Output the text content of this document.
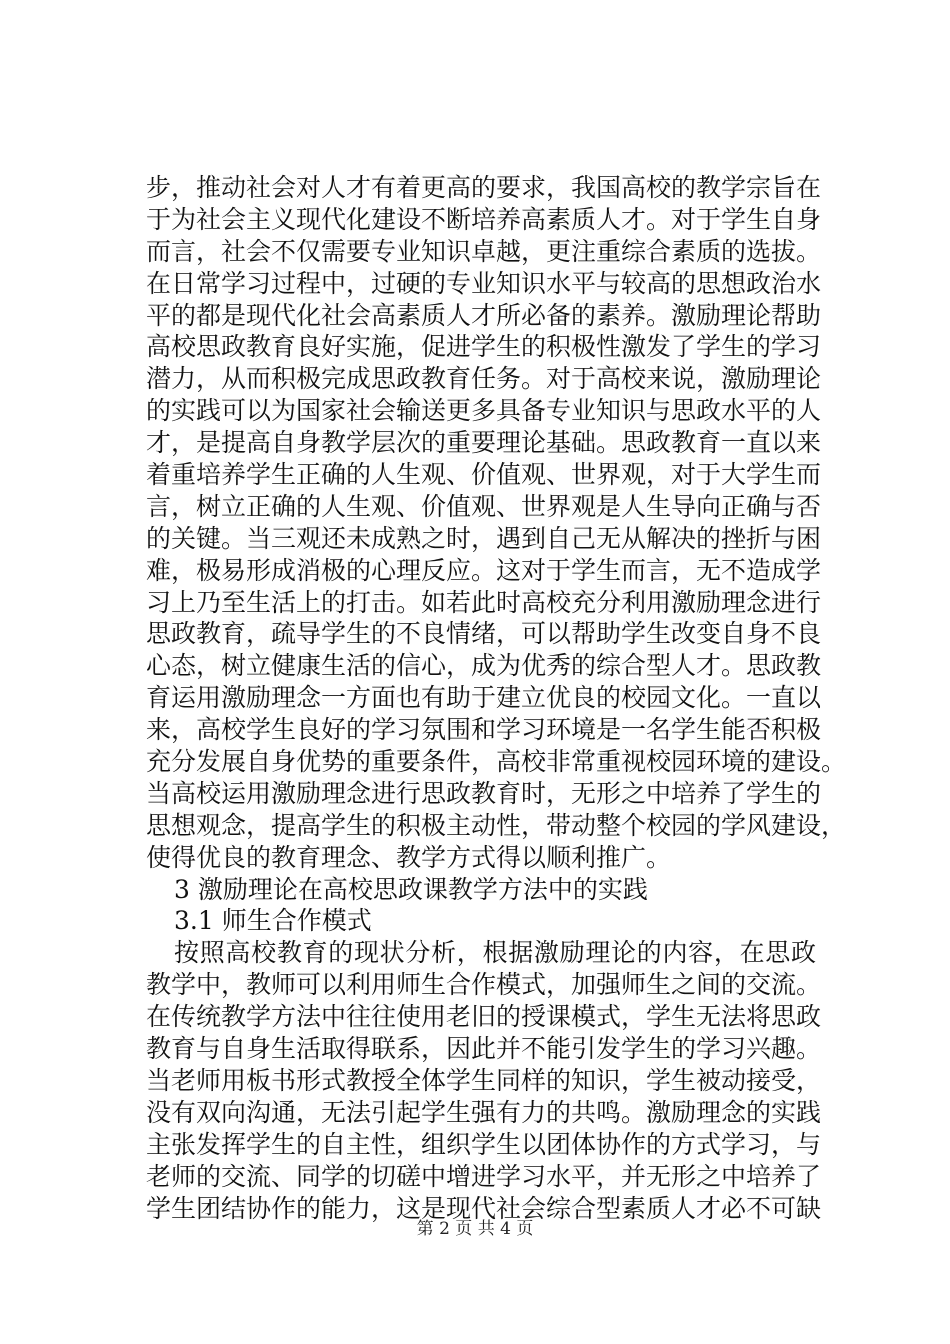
步，推动社会对人才有着更高的要求，我国高校的教学宗旨在
于为社会主义现代化建设不断培养高素质人才。对于学生自身
而言，社会不仅需要专业知识卓越，更注重综合素质的选拔。
在日常学习过程中，过硬的专业知识水平与较高的思想政治水
平的都是现代化社会高素质人才所必备的素养。激励理论帮助
高校思政教育良好实施，促进学生的积极性激发了学生的学习
潜力，从而积极完成思政教育任务。对于高校来说，激励理论
的实践可以为国家社会输送更多具备专业知识与思政水平的人
才，是提高自身教学层次的重要理论基础。思政教育一直以来
着重培养学生正确的人生观、价值观、世界观，对于大学生而
言，树立正确的人生观、价值观、世界观是人生导向正确与否
的关键。当三观还未成熟之时，遇到自己无从解决的挫折与困
难，极易形成消极的心理反应。这对于学生而言，无不造成学
习上乃至生活上的打击。如若此时高校充分利用激励理念进行
思政教育，疏导学生的不良情绪，可以帮助学生改变自身不良
心态，树立健康生活的信心，成为优秀的综合型人才。思政教
育运用激励理念一方面也有助于建立优良的校园文化。一直以
来，高校学生良好的学习氛围和学习环境是一名学生能否积极
充分发展自身优势的重要条件，高校非常重视校园环境的建设。
当高校运用激励理念进行思政教育时，无形之中培养了学生的
思想观念，提高学生的积极主动性，带动整个校园的学风建设，
使得优良的教育理念、教学方式得以顺利推广。
3 激励理论在高校思政课教学方法中的实践
3.1 师生合作模式
按照高校教育的现状分析，根据激励理论的内容，在思政
教学中，教师可以利用师生合作模式，加强师生之间的交流。
在传统教学方法中往往使用老旧的授课模式，学生无法将思政
教育与自身生活取得联系，因此并不能引发学生的学习兴趣。
当老师用板书形式教授全体学生同样的知识，学生被动接受，
没有双向沟通，无法引起学生强有力的共鸣。激励理念的实践
主张发挥学生的自主性，组织学生以团体协作的方式学习，与
老师的交流、同学的切磋中增进学习水平，并无形之中培养了
学生团结协作的能力，这是现代社会综合型素质人才必不可缺
第 2 页 共 4 页
